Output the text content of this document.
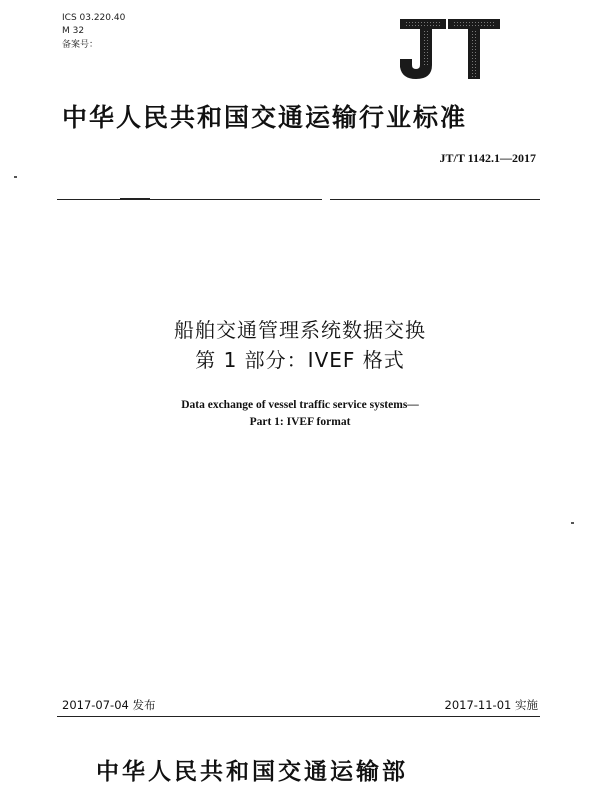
ICS 03.220.40
M 32
备案号：
JT
中华人民共和国交通运输行业标准
JT/T 1142.1—2017
船舶交通管理系统数据交换
第 1 部分：IVEF 格式
Data exchange of vessel traffic service systems—
Part 1: IVEF format
2017-07-04 发布	2017-11-01 实施
中华人民共和国交通运输部
